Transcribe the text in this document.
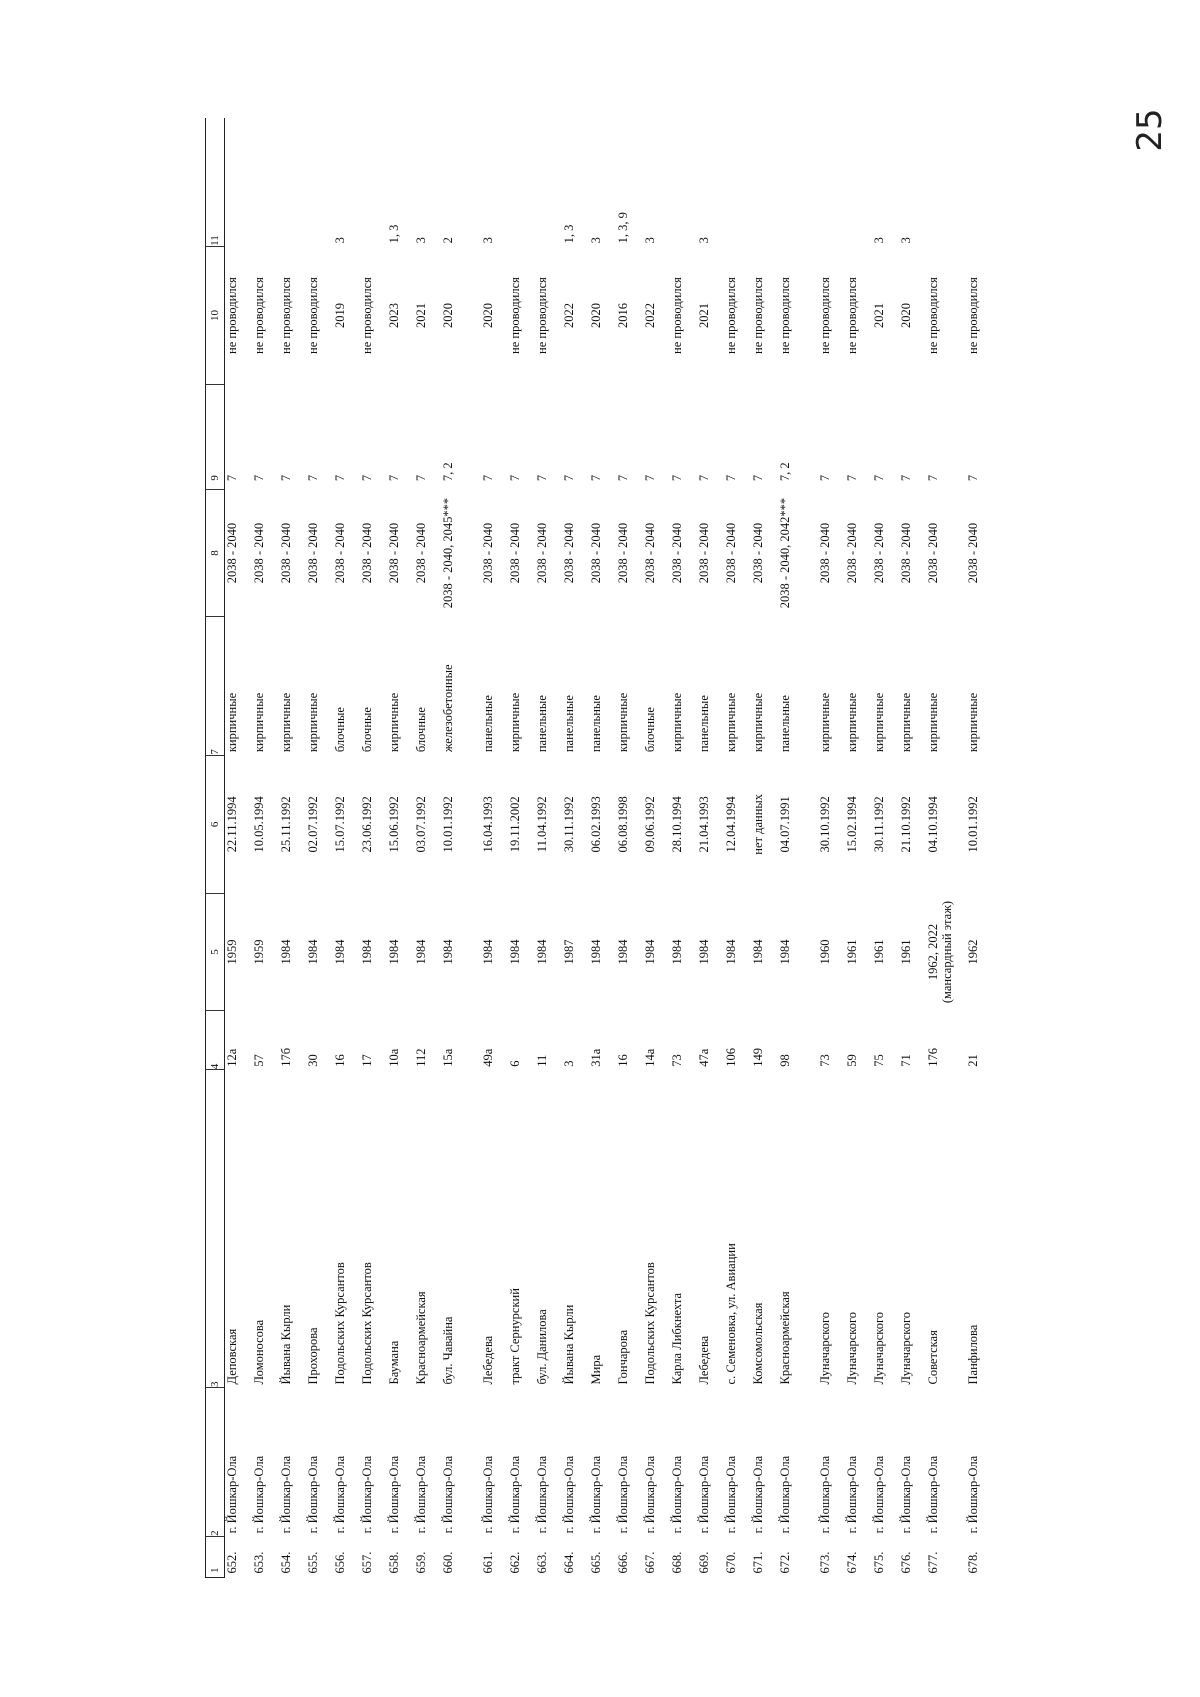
25
1	2	3	4	5	6	7	8	9	10	11
652.	г. Йошкар-Ола	Деповская	12а	1959	22.11.1994	кирпичные	2038 - 2040	7	не проводился	
653.	г. Йошкар-Ола	Ломоносова	57	1959	10.05.1994	кирпичные	2038 - 2040	7	не проводился	
654.	г. Йошкар-Ола	Йывана Кырли	17б	1984	25.11.1992	кирпичные	2038 - 2040	7	не проводился	
655.	г. Йошкар-Ола	Прохорова	30	1984	02.07.1992	кирпичные	2038 - 2040	7	не проводился	
656.	г. Йошкар-Ола	Подольских Курсантов	16	1984	15.07.1992	блочные	2038 - 2040	7	2019	3
657.	г. Йошкар-Ола	Подольских Курсантов	17	1984	23.06.1992	блочные	2038 - 2040	7	не проводился	
658.	г. Йошкар-Ола	Баумана	10а	1984	15.06.1992	кирпичные	2038 - 2040	7	2023	1, 3
659.	г. Йошкар-Ола	Красноармейская	112	1984	03.07.1992	блочные	2038 - 2040	7	2021	3
660.	г. Йошкар-Ола	бул. Чавайна	15а	1984	10.01.1992	железобетонные	2038 - 2040, 2045***	7, 2	2020	2
661.	г. Йошкар-Ола	Лебедева	49а	1984	16.04.1993	панельные	2038 - 2040	7	2020	3
662.	г. Йошкар-Ола	тракт Сернурский	6	1984	19.11.2002	кирпичные	2038 - 2040	7	не проводился	
663.	г. Йошкар-Ола	бул. Данилова	11	1984	11.04.1992	панельные	2038 - 2040	7	не проводился	
664.	г. Йошкар-Ола	Йывана Кырли	3	1987	30.11.1992	панельные	2038 - 2040	7	2022	1, 3
665.	г. Йошкар-Ола	Мира	31а	1984	06.02.1993	панельные	2038 - 2040	7	2020	3
666.	г. Йошкар-Ола	Гончарова	16	1984	06.08.1998	кирпичные	2038 - 2040	7	2016	1, 3, 9
667.	г. Йошкар-Ола	Подольских Курсантов	14а	1984	09.06.1992	блочные	2038 - 2040	7	2022	3
668.	г. Йошкар-Ола	Карла Либкнехта	73	1984	28.10.1994	кирпичные	2038 - 2040	7	не проводился	
669.	г. Йошкар-Ола	Лебедева	47а	1984	21.04.1993	панельные	2038 - 2040	7	2021	3
670.	г. Йошкар-Ола	с. Семеновка, ул. Авиации	106	1984	12.04.1994	кирпичные	2038 - 2040	7	не проводился	
671.	г. Йошкар-Ола	Комсомольская	149	1984	нет данных	кирпичные	2038 - 2040	7	не проводился	
672.	г. Йошкар-Ола	Красноармейская	98	1984	04.07.1991	панельные	2038 - 2040, 2042***	7, 2	не проводился	
673.	г. Йошкар-Ола	Луначарского	73	1960	30.10.1992	кирпичные	2038 - 2040	7	не проводился	
674.	г. Йошкар-Ола	Луначарского	59	1961	15.02.1994	кирпичные	2038 - 2040	7	не проводился	
675.	г. Йошкар-Ола	Луначарского	75	1961	30.11.1992	кирпичные	2038 - 2040	7	2021	3
676.	г. Йошкар-Ола	Луначарского	71	1961	21.10.1992	кирпичные	2038 - 2040	7	2020	3
677.	г. Йошкар-Ола	Советская	176	1962, 2022 (мансардный этаж)	04.10.1994	кирпичные	2038 - 2040	7	не проводился	
678.	г. Йошкар-Ола	Панфилова	21	1962	10.01.1992	кирпичные	2038 - 2040	7	не проводился	
